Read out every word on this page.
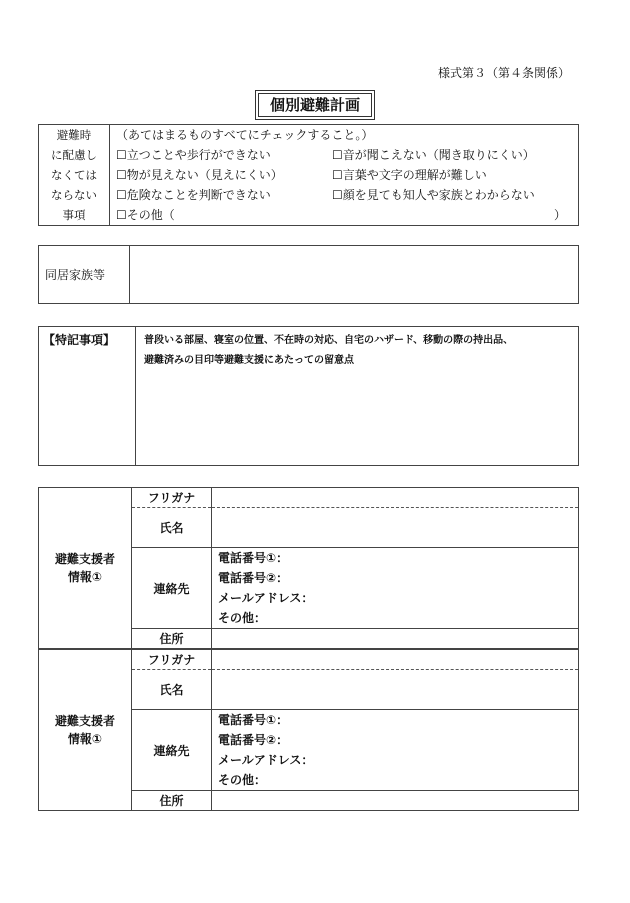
様式第３（第４条関係）
個別避難計画
避難時
に配慮し
なくては
ならない
事項

（あてはまるものすべてにチェックすること。）
☐立つことや歩行ができない	☐音が聞こえない（聞き取りにくい）
☐物が見えない（見えにくい）	☐言葉や文字の理解が難しい
☐危険なことを判断できない	☐顔を見ても知人や家族とわからない
☐その他（	）
同居家族等	
【特記事項】	普段いる部屋、寝室の位置、不在時の対応、自宅のハザード、移動の際の持出品、
避難済みの目印等避難支援にあたっての留意点
避難支援者
情報①	フリガナ	
	氏名	
	連絡先	電話番号①：
電話番号②：
メールアドレス：
その他：

	住所	
避難支援者
情報①	フリガナ	
	氏名	
	連絡先	電話番号①：
電話番号②：
メールアドレス：
その他：

	住所	
